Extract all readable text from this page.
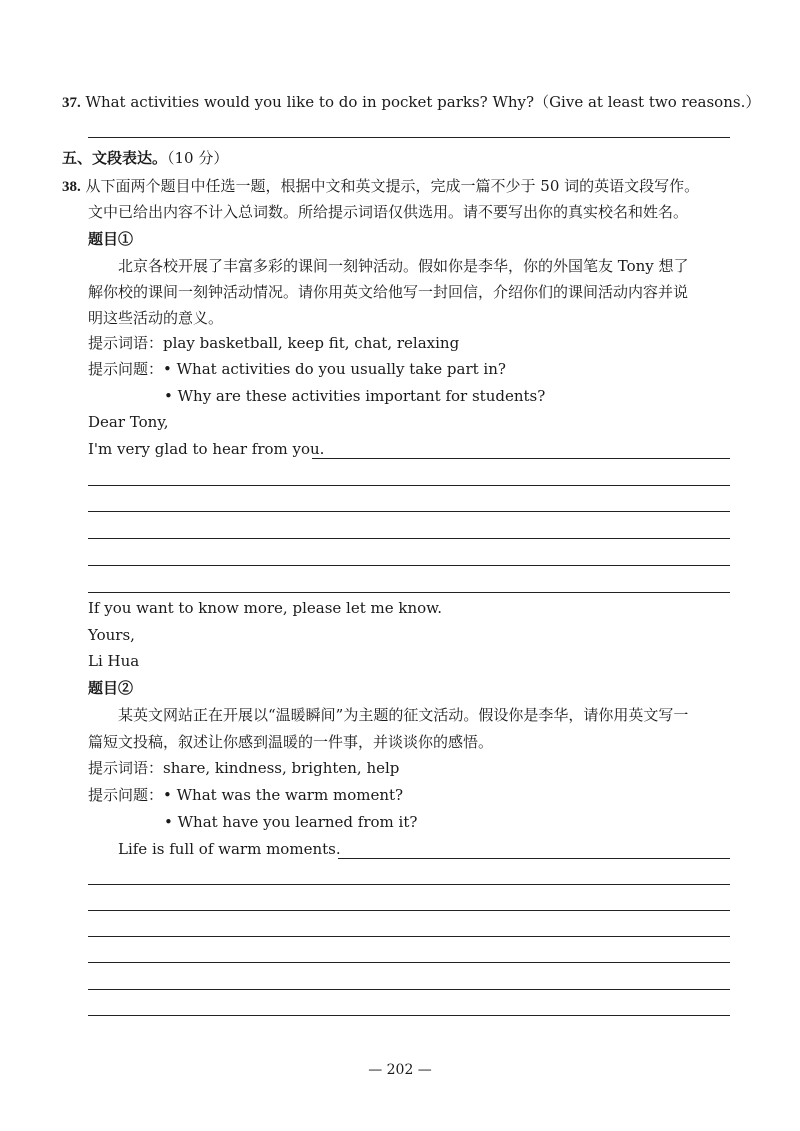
37. What activities would you like to do in pocket parks? Why?（Give at least two reasons.）
五、文段表达。（10 分）
38. 从下面两个题目中任选一题，根据中文和英文提示，完成一篇不少于 50 词的英语文段写作。
文中已给出内容不计入总词数。所给提示词语仅供选用。请不要写出你的真实校名和姓名。
题目①
北京各校开展了丰富多彩的课间一刻钟活动。假如你是李华，你的外国笔友 Tony 想了
解你校的课间一刻钟活动情况。请你用英文给他写一封回信，介绍你们的课间活动内容并说
明这些活动的意义。
提示词语：play basketball, keep fit, chat, relaxing
提示问题：• What activities do you usually take part in?
• Why are these activities important for students?
Dear Tony,
I'm very glad to hear from you.
If you want to know more, please let me know.
Yours,
Li Hua
题目②
某英文网站正在开展以“温暖瞬间”为主题的征文活动。假设你是李华，请你用英文写一
篇短文投稿，叙述让你感到温暖的一件事，并谈谈你的感悟。
提示词语：share, kindness, brighten, help
提示问题：• What was the warm moment?
• What have you learned from it?
Life is full of warm moments.
— 202 —
